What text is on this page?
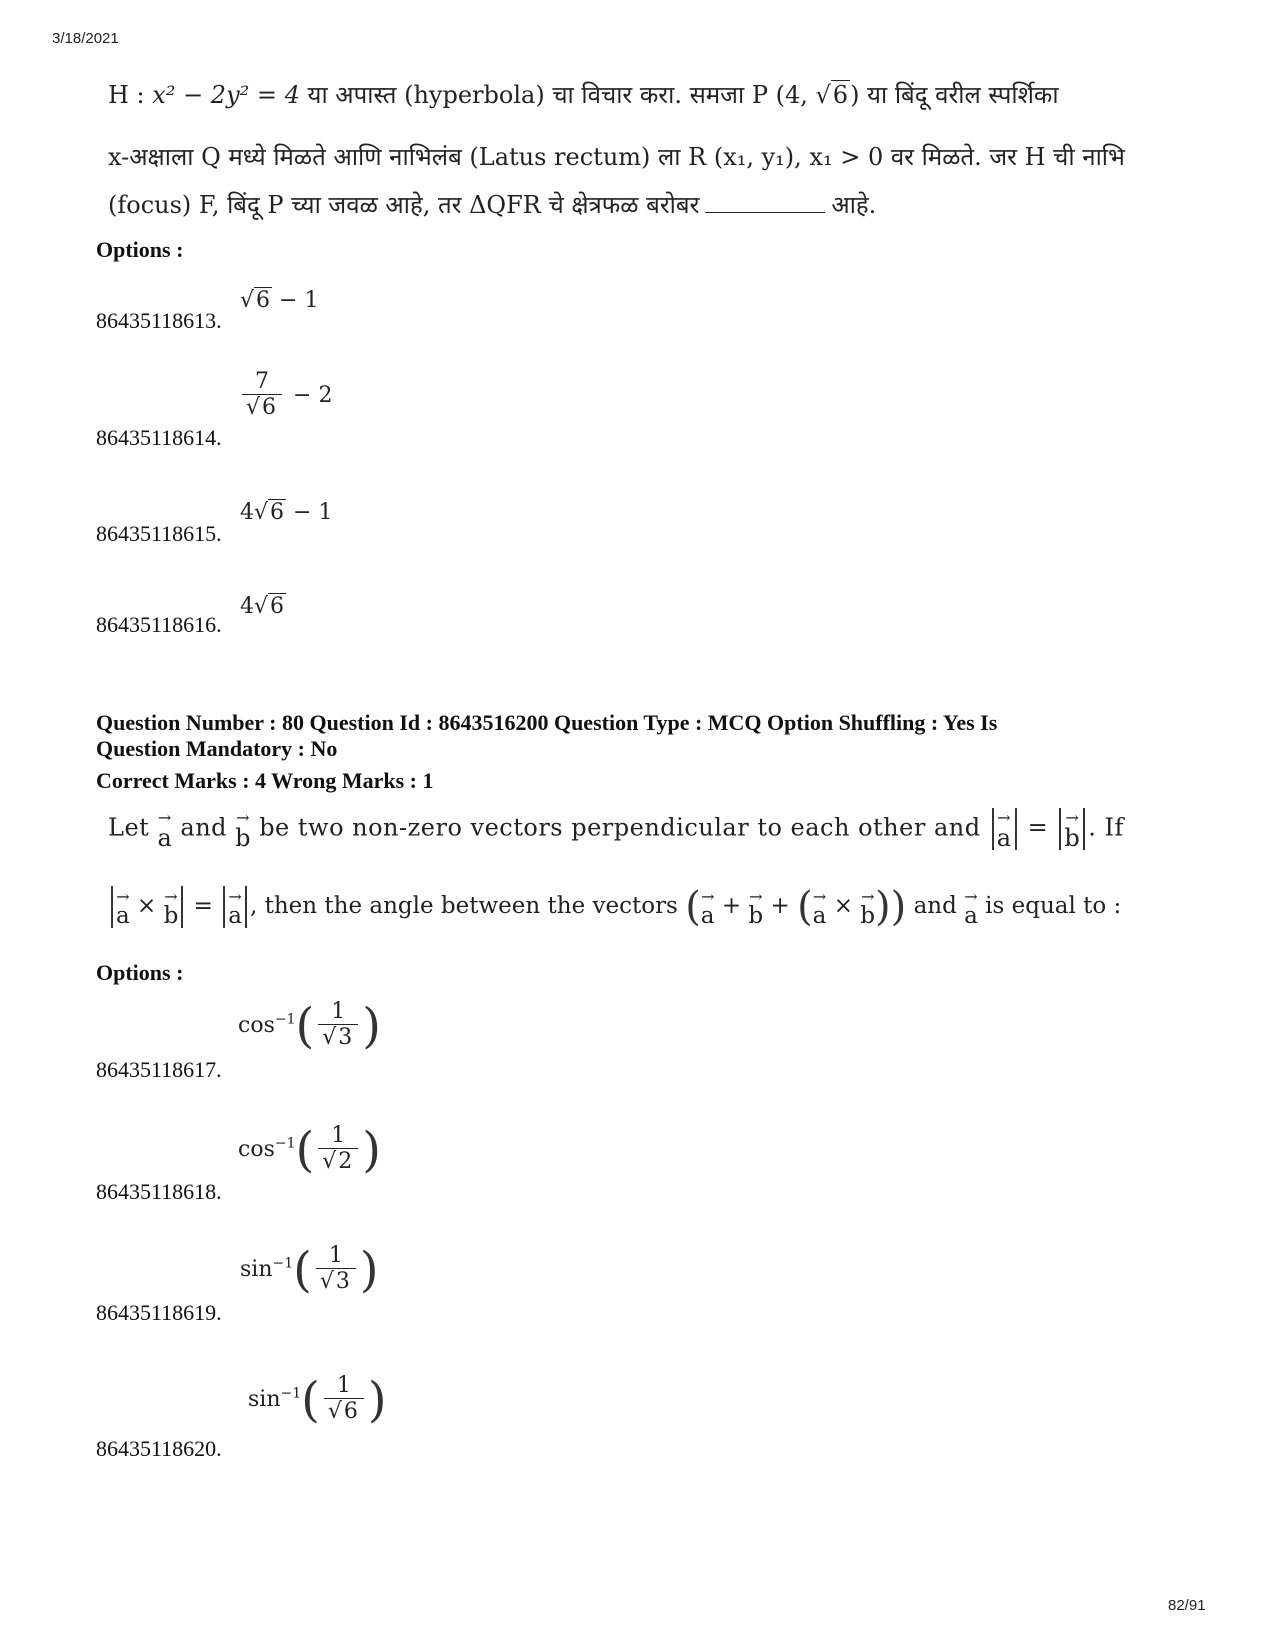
3/18/2021
82/91
H : x² − 2y² = 4 या अपास्त (hyperbola) चा विचार करा. समजा P (4, √6) या बिंदू वरील स्पर्शिका
x-अक्षाला Q मध्ये मिळते आणि नाभिलंब (Latus rectum) ला R (x₁, y₁), x₁ > 0 वर मिळते. जर H ची नाभि
(focus) F, बिंदू P च्या जवळ आहे, तर ΔQFR चे क्षेत्रफळ बरोबर	आहे.
Options :
86435118613.
√6 − 1
86435118614.
$\frac{7}{√6} - 2$
86435118615.
4√6 − 1
86435118616.
4√6
Question Number : 80 Question Id : 8643516200 Question Type : MCQ Option Shuffling : Yes Is
Question Mandatory : No
Correct Marks : 4 Wrong Marks : 1
Let →
a and →
b be two non-zero vectors perpendicular to each other and →
a = →
b . If
→
a × →
b = →
a , then the angle between the vectors ( →
a + →
b + ( →
a × →
b )) and →
a is equal to :
Options :
86435118617.
$\cos^{-1}( \frac{1}{√3}$ )
86435118618.
$\cos^{-1}( \frac{1}{√2}$ )
86435118619.
$\sin^{-1}( \frac{1}{√3}$ )
86435118620.
$\sin^{-1}( \frac{1}{√6}$ )
